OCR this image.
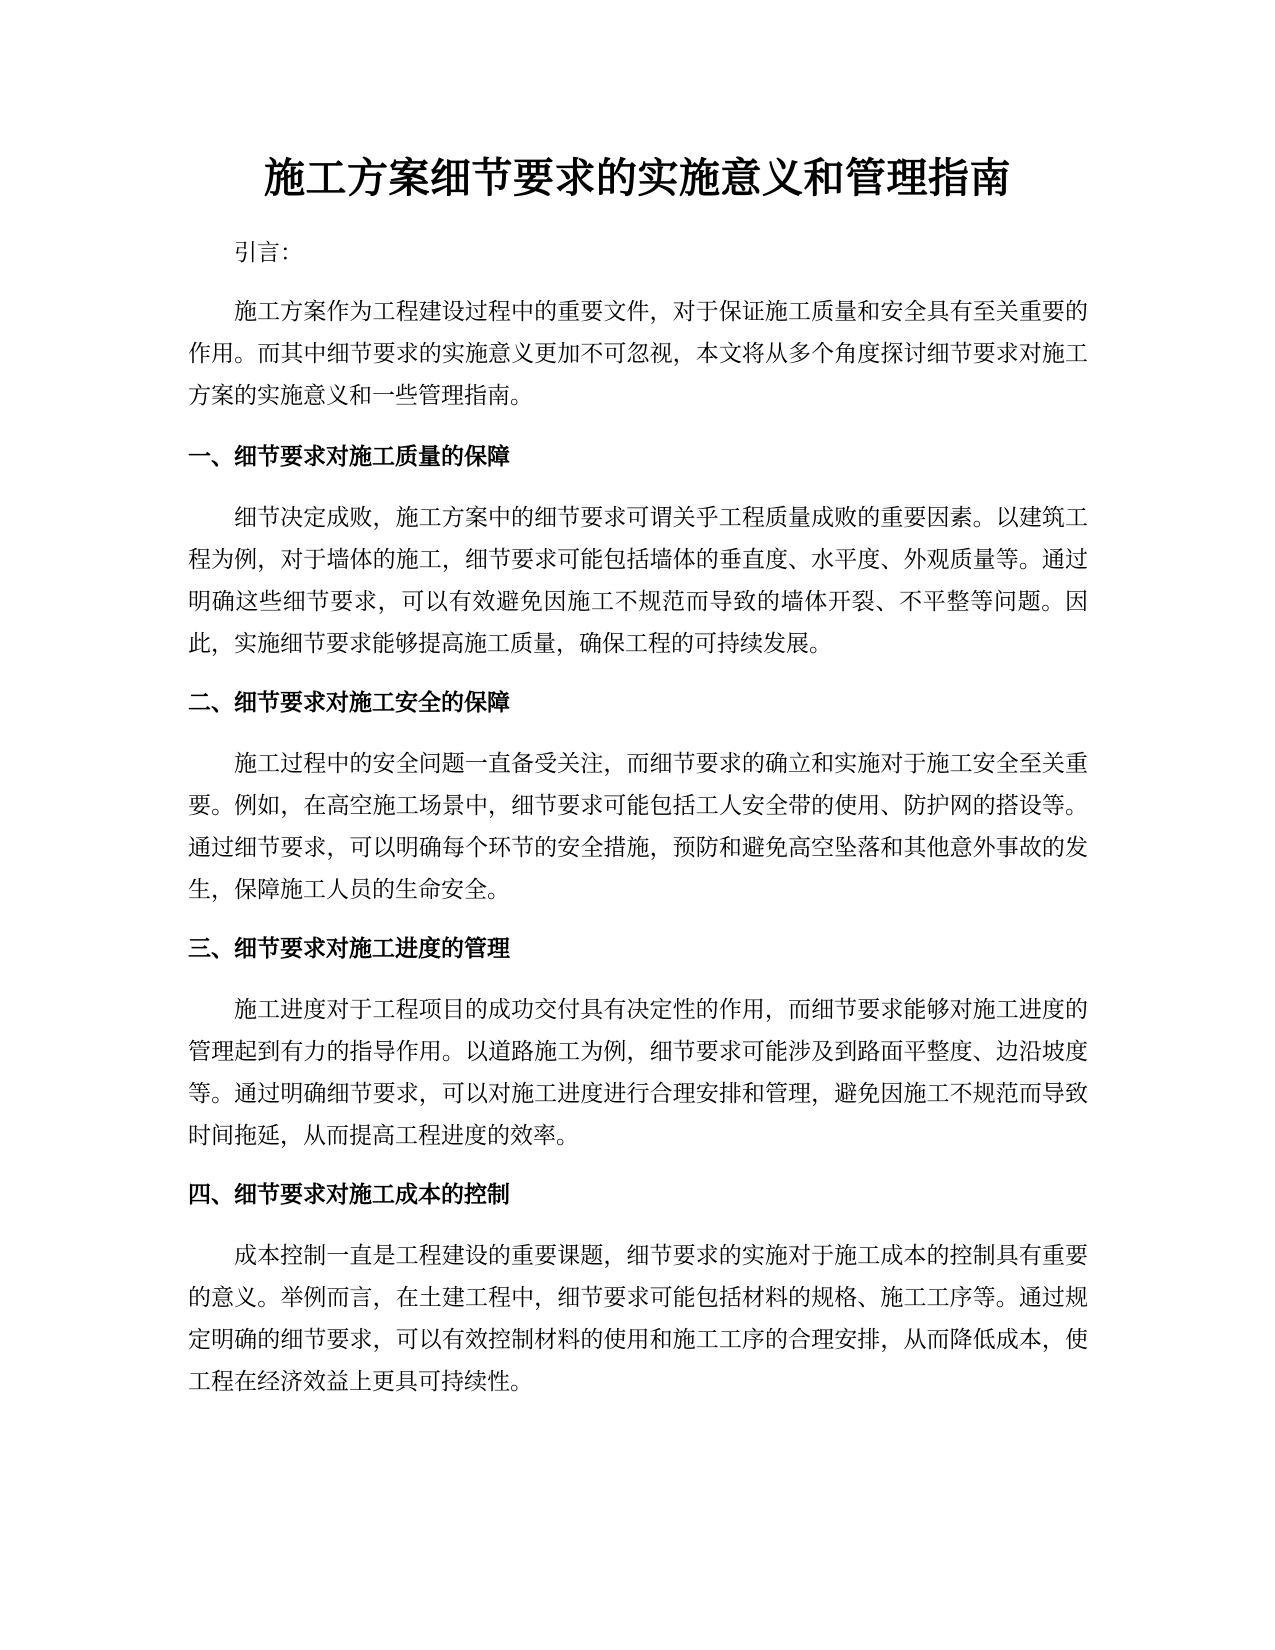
施工方案细节要求的实施意义和管理指南

引言：

施工方案作为工程建设过程中的重要文件，对于保证施工质量和安全具有至关重要的作用。而其中细节要求的实施意义更加不可忽视，本文将从多个角度探讨细节要求对施工方案的实施意义和一些管理指南。

一、细节要求对施工质量的保障

细节决定成败，施工方案中的细节要求可谓关乎工程质量成败的重要因素。以建筑工程为例，对于墙体的施工，细节要求可能包括墙体的垂直度、水平度、外观质量等。通过明确这些细节要求，可以有效避免因施工不规范而导致的墙体开裂、不平整等问题。因此，实施细节要求能够提高施工质量，确保工程的可持续发展。

二、细节要求对施工安全的保障

施工过程中的安全问题一直备受关注，而细节要求的确立和实施对于施工安全至关重要。例如，在高空施工场景中，细节要求可能包括工人安全带的使用、防护网的搭设等。通过细节要求，可以明确每个环节的安全措施，预防和避免高空坠落和其他意外事故的发生，保障施工人员的生命安全。

三、细节要求对施工进度的管理

施工进度对于工程项目的成功交付具有决定性的作用，而细节要求能够对施工进度的管理起到有力的指导作用。以道路施工为例，细节要求可能涉及到路面平整度、边沿坡度等。通过明确细节要求，可以对施工进度进行合理安排和管理，避免因施工不规范而导致时间拖延，从而提高工程进度的效率。

四、细节要求对施工成本的控制

成本控制一直是工程建设的重要课题，细节要求的实施对于施工成本的控制具有重要的意义。举例而言，在土建工程中，细节要求可能包括材料的规格、施工工序等。通过规定明确的细节要求，可以有效控制材料的使用和施工工序的合理安排，从而降低成本，使工程在经济效益上更具可持续性。
